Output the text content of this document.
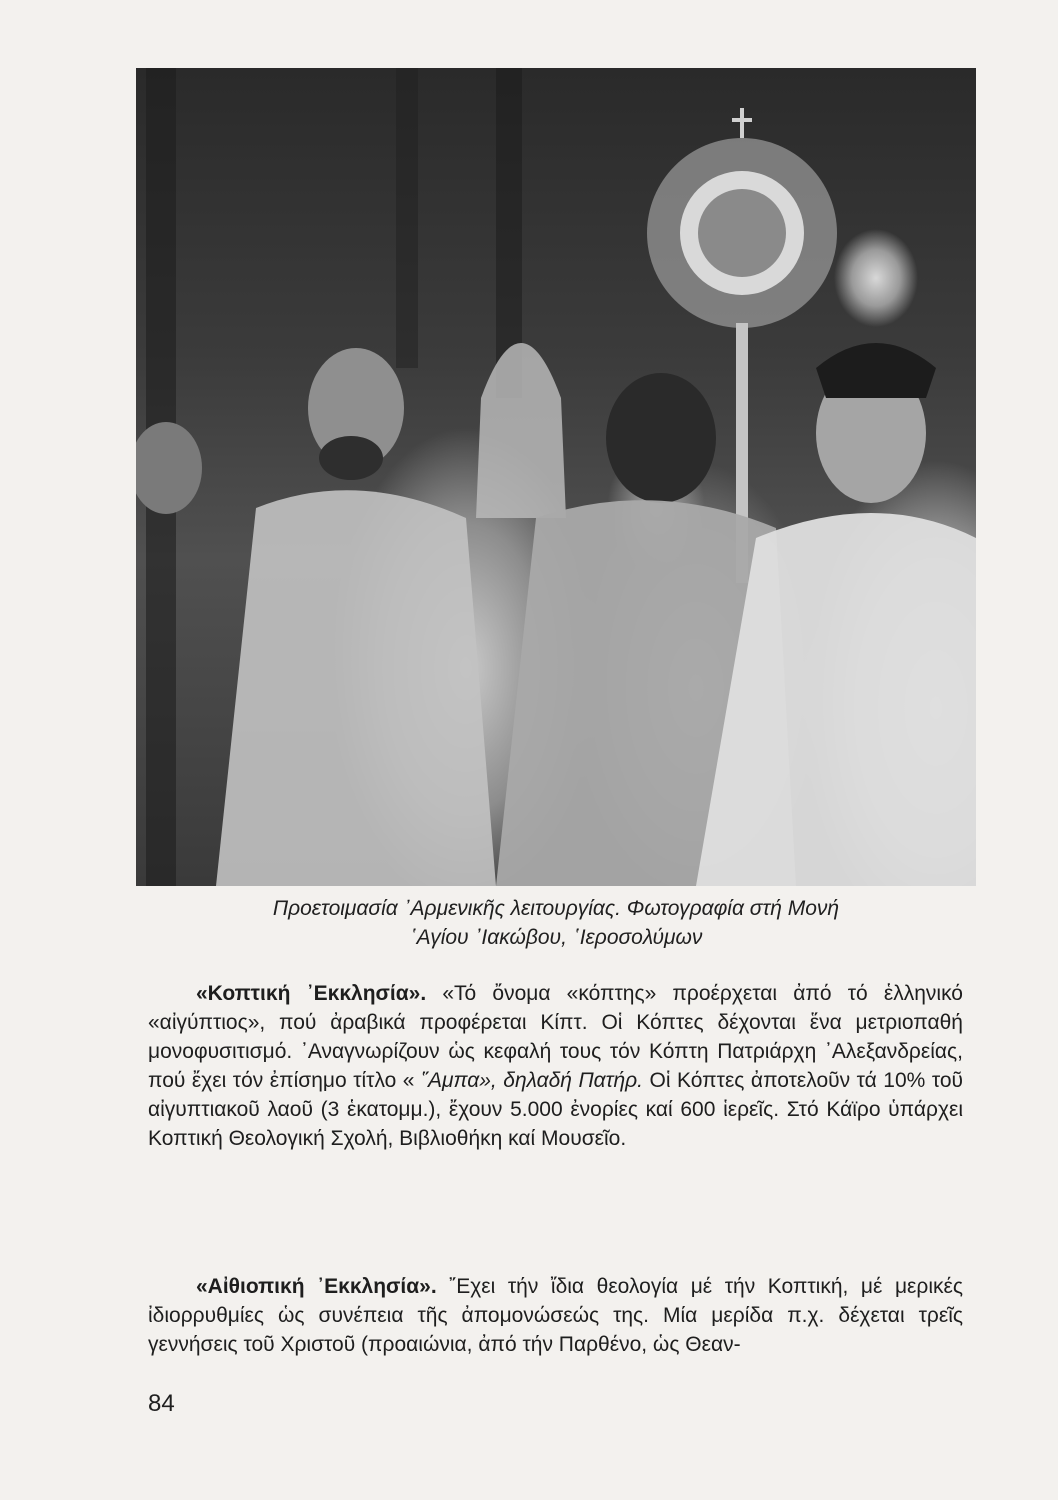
Προετοιμασία ᾿Αρμενικῆς λειτουργίας. Φωτογραφία στή Μονή
῾Αγίου ᾽Ιακώβου, ῾Ιεροσολύμων

«Κοπτική ᾽Εκκλησία». «Τό ὄνομα «κόπτης» προέρχεται ἀπό τό ἑλληνικό «αἰγύπτιος», πού ἀραβικά προφέρεται Κίπτ. Οἱ Κόπτες δέχονται ἕνα μετριοπαθή μονοφυσιτισμό. ᾽Αναγνωρίζουν ὡς κεφαλή τους τόν Κόπτη Πατριάρχη ᾽Αλεξανδρείας, πού ἔχει τόν ἐπίσημο τίτλο « ῞Αμπα», δηλαδή Πατήρ. Οἱ Κόπτες ἀποτελοῦν τά 10% τοῦ αἰγυπτιακοῦ λαοῦ (3 ἑκατομμ.), ἔχουν 5.000 ἐνορίες καί 600 ἱερεῖς. Στό Κάϊρο ὑπάρχει Κοπτική Θεολογική Σχολή, Βιβλιοθήκη καί Μουσεῖο.

«Αἰθιοπική ᾽Εκκλησία». ῎Εχει τήν ἴδια θεολογία μέ τήν Κοπτική, μέ μερικές ἰδιορρυθμίες ὡς συνέπεια τῆς ἀπομονώσεώς της. Μία μερίδα π.χ. δέχεται τρεῖς γεννήσεις τοῦ Χριστοῦ (προαιώνια, ἀπό τήν Παρθένο, ὡς Θεαν-

84
